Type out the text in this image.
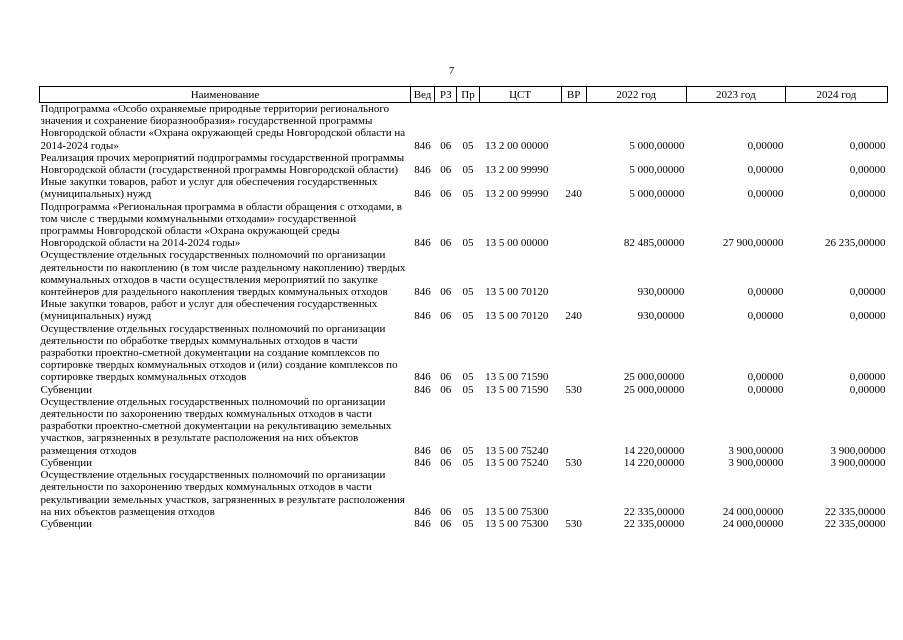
7
Наименование	Вед	РЗ	Пр	ЦСТ	ВР	2022 год	2023 год	2024 год
Подпрограмма «Особо охраняемые природные территории регионального значения и сохранение биоразнообразия» государственной программы Новгородской области «Охрана окружающей среды Новгородской области на 2014-2024 годы»	846	06	05	13 2 00 00000		5 000,00000	0,00000	0,00000
Реализация прочих мероприятий подпрограммы государственной программы Новгородской области (государственной программы Новгородской области)	846	06	05	13 2 00 99990		5 000,00000	0,00000	0,00000
Иные закупки товаров, работ и услуг для обеспечения государственных (муниципальных) нужд	846	06	05	13 2 00 99990	240	5 000,00000	0,00000	0,00000
Подпрограмма «Региональная программа в области обращения с отходами, в том числе с твердыми коммунальными отходами» государственной программы Новгородской области «Охрана окружающей среды Новгородской области на 2014-2024 годы»	846	06	05	13 5 00 00000		82 485,00000	27 900,00000	26 235,00000
Осуществление отдельных государственных полномочий по организации деятельности по накоплению (в том числе раздельному накоплению) твердых коммунальных отходов в части осуществления мероприятий по закупке контейнеров для раздельного накопления твердых коммунальных отходов	846	06	05	13 5 00 70120		930,00000	0,00000	0,00000
Иные закупки товаров, работ и услуг для обеспечения государственных (муниципальных) нужд	846	06	05	13 5 00 70120	240	930,00000	0,00000	0,00000
Осуществление отдельных государственных полномочий по организации деятельности по обработке твердых коммунальных отходов в части разработки проектно-сметной документации на создание комплексов по сортировке твердых коммунальных отходов и (или) создание комплексов по сортировке твердых коммунальных отходов	846	06	05	13 5 00 71590		25 000,00000	0,00000	0,00000
Субвенции	846	06	05	13 5 00 71590	530	25 000,00000	0,00000	0,00000
Осуществление отдельных государственных полномочий по организации деятельности по захоронению твердых коммунальных отходов в части разработки проектно-сметной документации на рекультивацию земельных участков, загрязненных в результате расположения на них объектов размещения отходов	846	06	05	13 5 00 75240		14 220,00000	3 900,00000	3 900,00000
Субвенции	846	06	05	13 5 00 75240	530	14 220,00000	3 900,00000	3 900,00000
Осуществление отдельных государственных полномочий по организации деятельности по захоронению твердых коммунальных отходов в части рекультивации земельных участков, загрязненных в результате расположения на них объектов размещения отходов	846	06	05	13 5 00 75300		22 335,00000	24 000,00000	22 335,00000
Субвенции	846	06	05	13 5 00 75300	530	22 335,00000	24 000,00000	22 335,00000
